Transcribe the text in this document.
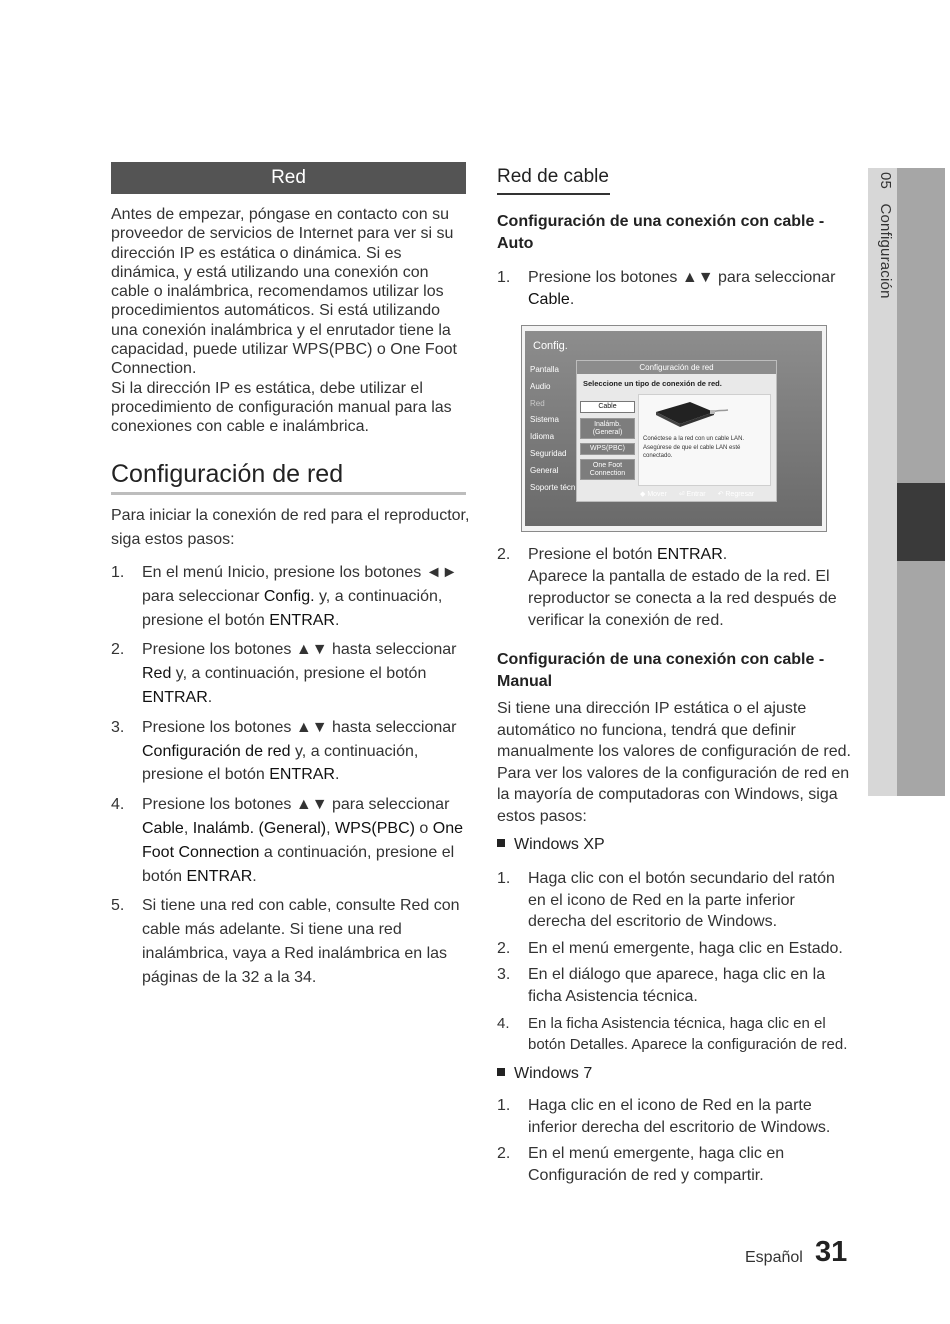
05 Configuración
Red

Antes de empezar, póngase en contacto con su proveedor de servicios de Internet para ver si su dirección IP es estática o dinámica. Si es dinámica, y está utilizando una conexión con cable o inalámbrica, recomendamos utilizar los procedimientos automáticos. Si está utilizando una conexión inalámbrica y el enrutador tiene la capacidad, puede utilizar WPS(PBC) o One Foot Connection.

Si la dirección IP es estática, debe utilizar el procedimiento de configuración manual para las conexiones con cable e inalámbrica.

Configuración de red
Para iniciar la conexión de red para el reproductor, siga estos pasos:
1. En el menú Inicio, presione los botones ◄► para seleccionar Config. y, a continuación, presione el botón ENTRAR.
2. Presione los botones ▲▼ hasta seleccionar Red y, a continuación, presione el botón ENTRAR.
3. Presione los botones ▲▼ hasta seleccionar Configuración de red y, a continuación, presione el botón ENTRAR.
4. Presione los botones ▲▼ para seleccionar Cable, Inalámb. (General), WPS(PBC) o One Foot Connection a continuación, presione el botón ENTRAR.
5. Si tiene una red con cable, consulte Red con cable más adelante. Si tiene una red inalámbrica, vaya a Red inalámbrica en las páginas de la 32 a la 34.
Red de cable
Configuración de una conexión con cable - Auto
1. Presione los botones ▲▼ para seleccionar Cable.
Config.
Pantalla
Audio
Red
Sistema
Idioma
Seguridad
General
Soporte técn
Configuración de red
Seleccione un tipo de conexión de red.
Cable
Inalámb. (General)
WPS(PBC)
One Foot Connection
Conéctese a la red con un cable LAN. Asegúrese de que el cable LAN esté conectado.
◆ Mover ⏎ Entrar ↶ Regresar
2. Presione el botón ENTRAR.
Aparece la pantalla de estado de la red. El reproductor se conecta a la red después de verificar la conexión de red.
Configuración de una conexión con cable - Manual
Si tiene una dirección IP estática o el ajuste automático no funciona, tendrá que definir manualmente los valores de configuración de red. Para ver los valores de la configuración de red en la mayoría de computadoras con Windows, siga estos pasos:
Windows XP
1. Haga clic con el botón secundario del ratón en el icono de Red en la parte inferior derecha del escritorio de Windows.
2. En el menú emergente, haga clic en Estado.
3. En el diálogo que aparece, haga clic en la ficha Asistencia técnica.
4. En la ficha Asistencia técnica, haga clic en el botón Detalles. Aparece la configuración de red.
Windows 7
1. Haga clic en el icono de Red en la parte inferior derecha del escritorio de Windows.
2. En el menú emergente, haga clic en Configuración de red y compartir.
Español 31
